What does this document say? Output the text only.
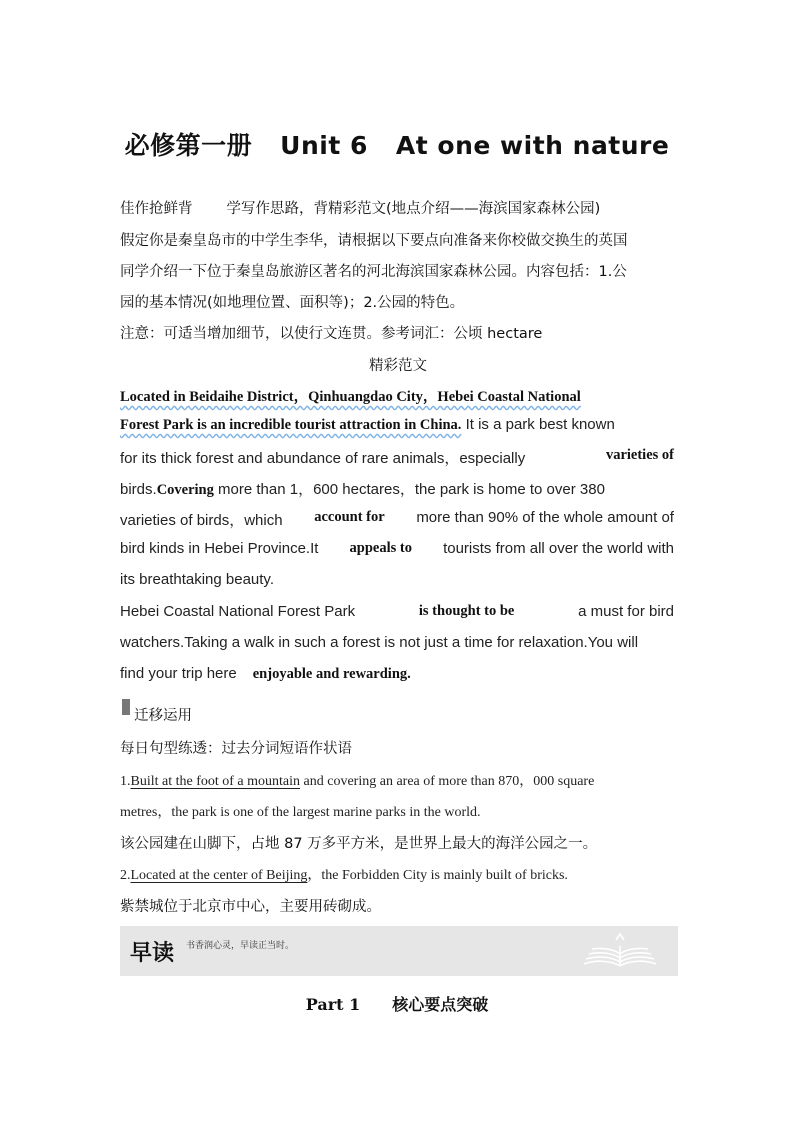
必修第一册 Unit 6 At one with nature
佳作抢鲜背 学写作思路，背精彩范文(地点介绍——海滨国家森林公园)
假定你是秦皇岛市的中学生李华，请根据以下要点向准备来你校做交换生的英国
同学介绍一下位于秦皇岛旅游区著名的河北海滨国家森林公园。内容包括：1.公
园的基本情况(如地理位置、面积等)；2.公园的特色。
注意：可适当增加细节，以使行文连贯。参考词汇：公顷 hectare
精彩范文
Located in Beidaihe District，Qinhuangdao City，Hebei Coastal National
Forest Park is an incredible tourist attraction in China. It is a park best known
for its thick forest and abundance of rare animals，especially	varieties of
birds.Covering more than 1，600 hectares，the park is home to over 380
varieties of birds，which account for more than 90% of the whole amount of
bird kinds in Hebei Province.It appeals to tourists from all over the world with
its breathtaking beauty.
Hebei Coastal National Forest Park	is thought to be	a must for bird
watchers.Taking a walk in such a forest is not just a time for relaxation.You will
find your trip here enjoyable and rewarding.
迁移运用
每日句型练透：过去分词短语作状语
1.Built at the foot of a mountain and covering an area of more than 870，000 square
metres，the park is one of the largest marine parks in the world.
该公园建在山脚下，占地 87 万多平方米，是世界上最大的海洋公园之一。
2.Located at the center of Beijing，the Forbidden City is mainly built of bricks.
紫禁城位于北京市中心，主要用砖砌成。
早读 书香润心灵，早读正当时。
Part 1　　核心要点突破
